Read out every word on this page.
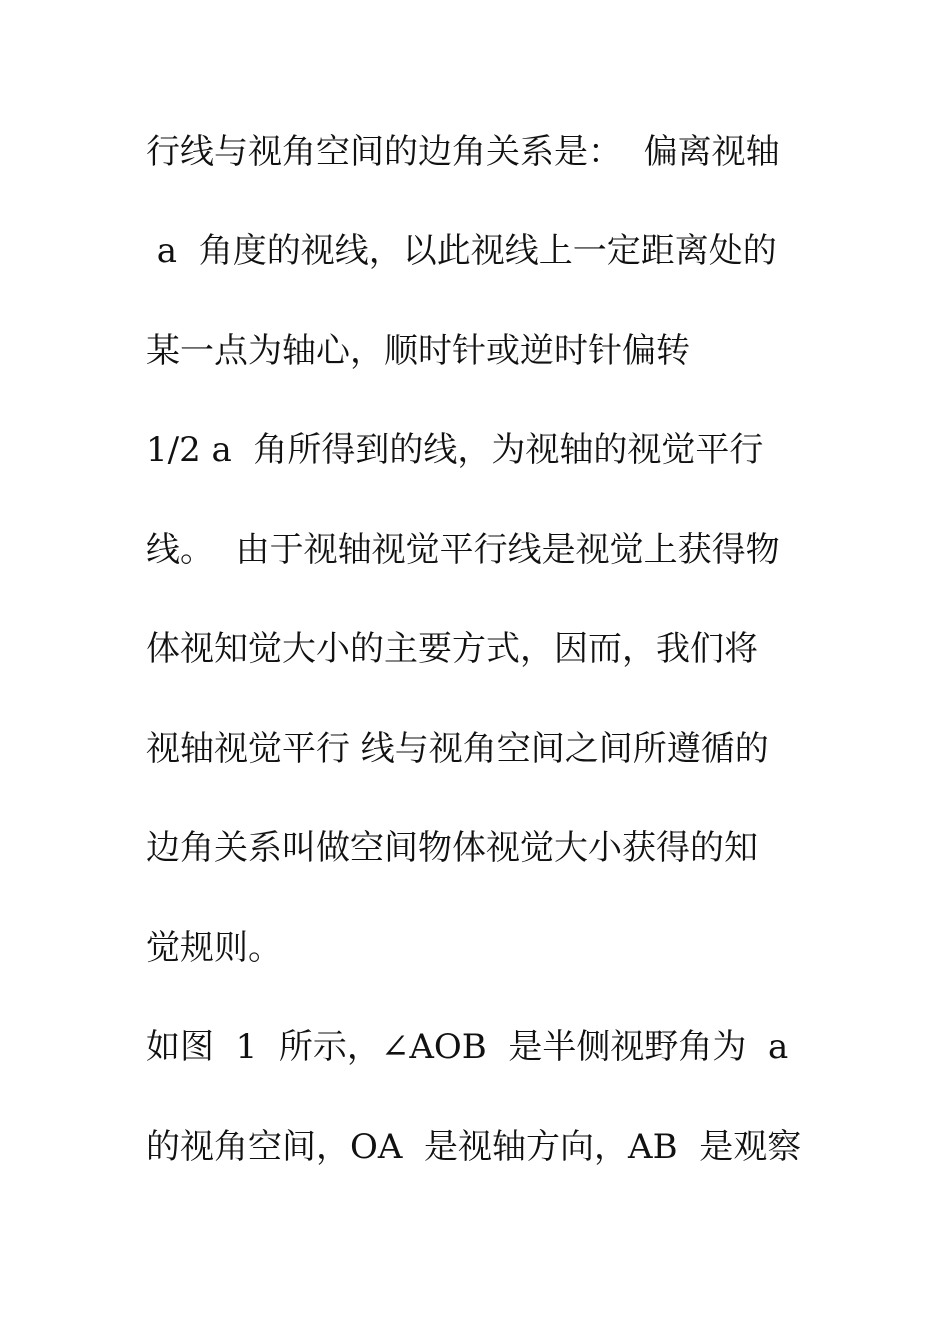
行线与视角空间的边角关系是：  偏离视轴
a  角度的视线，以此视线上一定距离处的
某一点为轴心，顺时针或逆时针偏转
1/2 a  角所得到的线，为视轴的视觉平行
线。  由于视轴视觉平行线是视觉上获得物
体视知觉大小的主要方式，因而，我们将
视轴视觉平行 线与视角空间之间所遵循的
边角关系叫做空间物体视觉大小获得的知
觉规则。
如图  1  所示，∠AOB  是半侧视野角为  a
的视角空间，OA  是视轴方向，AB  是观察
